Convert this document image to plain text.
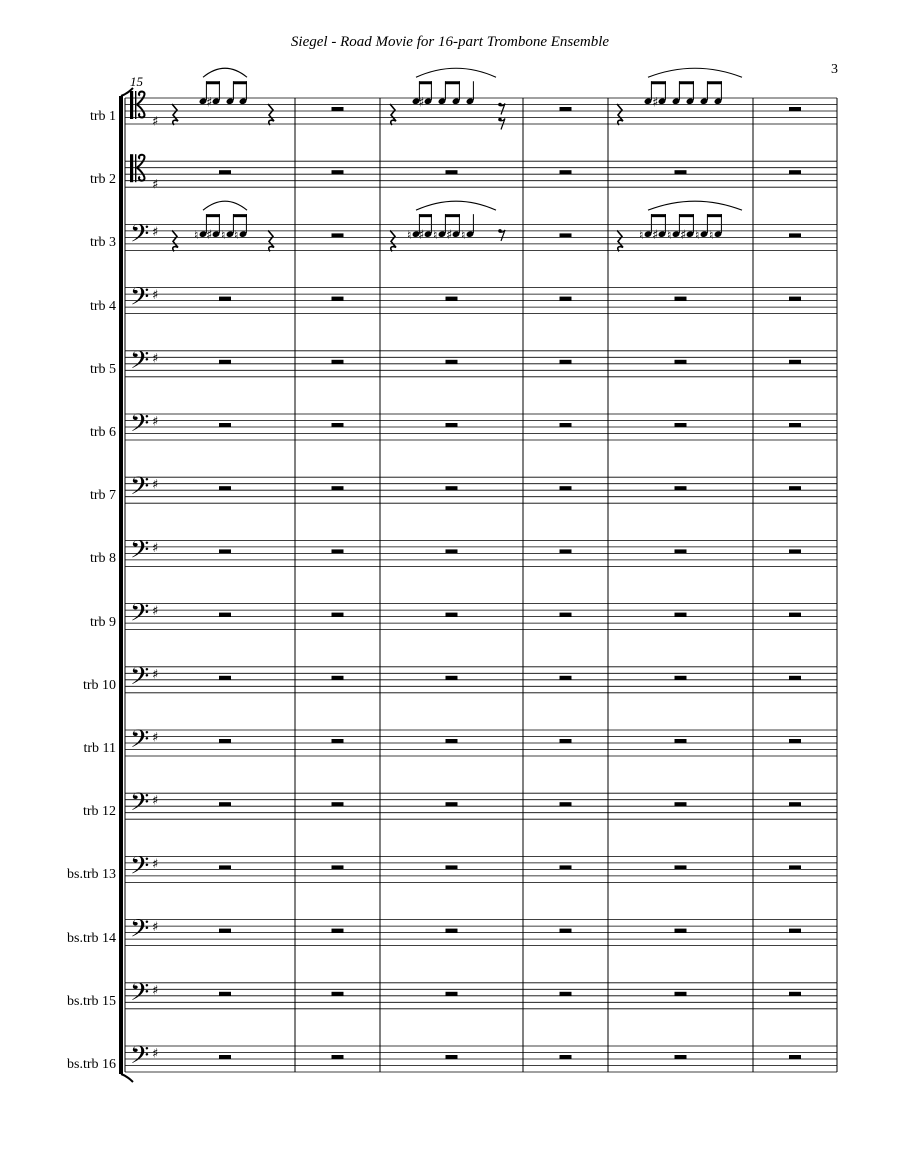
Siegel - Road Movie for 16-part Trombone Ensemble
3
15
trb 1
trb 2
trb 3
trb 4
trb 5
trb 6
trb 7
trb 8
trb 9
trb 10
trb 11
trb 12
bs.trb 13
bs.trb 14
bs.trb 15
bs.trb 16
♯
♯	♯	♯
♯
𝄢 ♯	♮ ♯ ♮ ♮	♮ ♯ ♮ ♯ ♮	♮ ♯ ♮ ♯ ♮ ♮
𝄢 ♯
𝄢 ♯
𝄢 ♯
𝄢 ♯
𝄢 ♯
𝄢 ♯
𝄢 ♯
𝄢 ♯
𝄢 ♯
𝄢 ♯
𝄢 ♯
𝄢 ♯
𝄢 ♯
